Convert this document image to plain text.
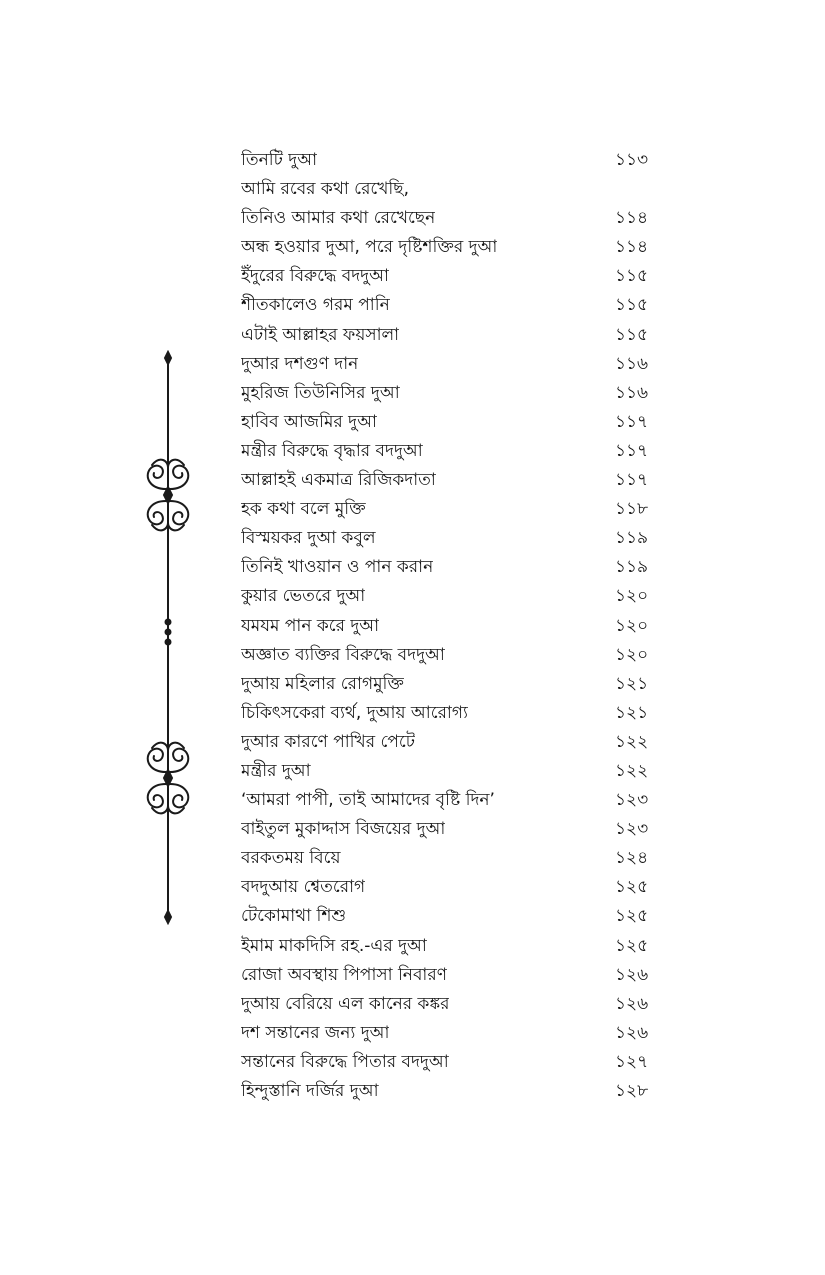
তিনটি দুআ	১১৩
আমি রবের কথা রেখেছি,
তিনিও আমার কথা রেখেছেন	১১৪
অন্ধ হওয়ার দুআ, পরে দৃষ্টিশক্তির দুআ	১১৪
ইঁদুরের বিরুদ্ধে বদদুআ	১১৫
শীতকালেও গরম পানি	১১৫
এটাই আল্লাহর ফয়সালা	১১৫
দুআর দশগুণ দান	১১৬
মুহরিজ তিউনিসির দুআ	১১৬
হাবিব আজমির দুআ	১১৭
মন্ত্রীর বিরুদ্ধে বৃদ্ধার বদদুআ	১১৭
আল্লাহই একমাত্র রিজিকদাতা	১১৭
হক কথা বলে মুক্তি	১১৮
বিস্ময়কর দুআ কবুল	১১৯
তিনিই খাওয়ান ও পান করান	১১৯
কুয়ার ভেতরে দুআ	১২০
যমযম পান করে দুআ	১২০
অজ্ঞাত ব্যক্তির বিরুদ্ধে বদদুআ	১২০
দুআয় মহিলার রোগমুক্তি	১২১
চিকিৎসকেরা ব্যর্থ, দুআয় আরোগ্য	১২১
দুআর কারণে পাখির পেটে	১২২
মন্ত্রীর দুআ	১২২
‘আমরা পাপী, তাই আমাদের বৃষ্টি দিন’	১২৩
বাইতুল মুকাদ্দাস বিজয়ের দুআ	১২৩
বরকতময় বিয়ে	১২৪
বদদুআয় শ্বেতরোগ	১২৫
টেকোমাথা শিশু	১২৫
ইমাম মাকদিসি রহ.-এর দুআ	১২৫
রোজা অবস্থায় পিপাসা নিবারণ	১২৬
দুআয় বেরিয়ে এল কানের কঙ্কর	১২৬
দশ সন্তানের জন্য দুআ	১২৬
সন্তানের বিরুদ্ধে পিতার বদদুআ	১২৭
হিন্দুস্তানি দর্জির দুআ	১২৮
